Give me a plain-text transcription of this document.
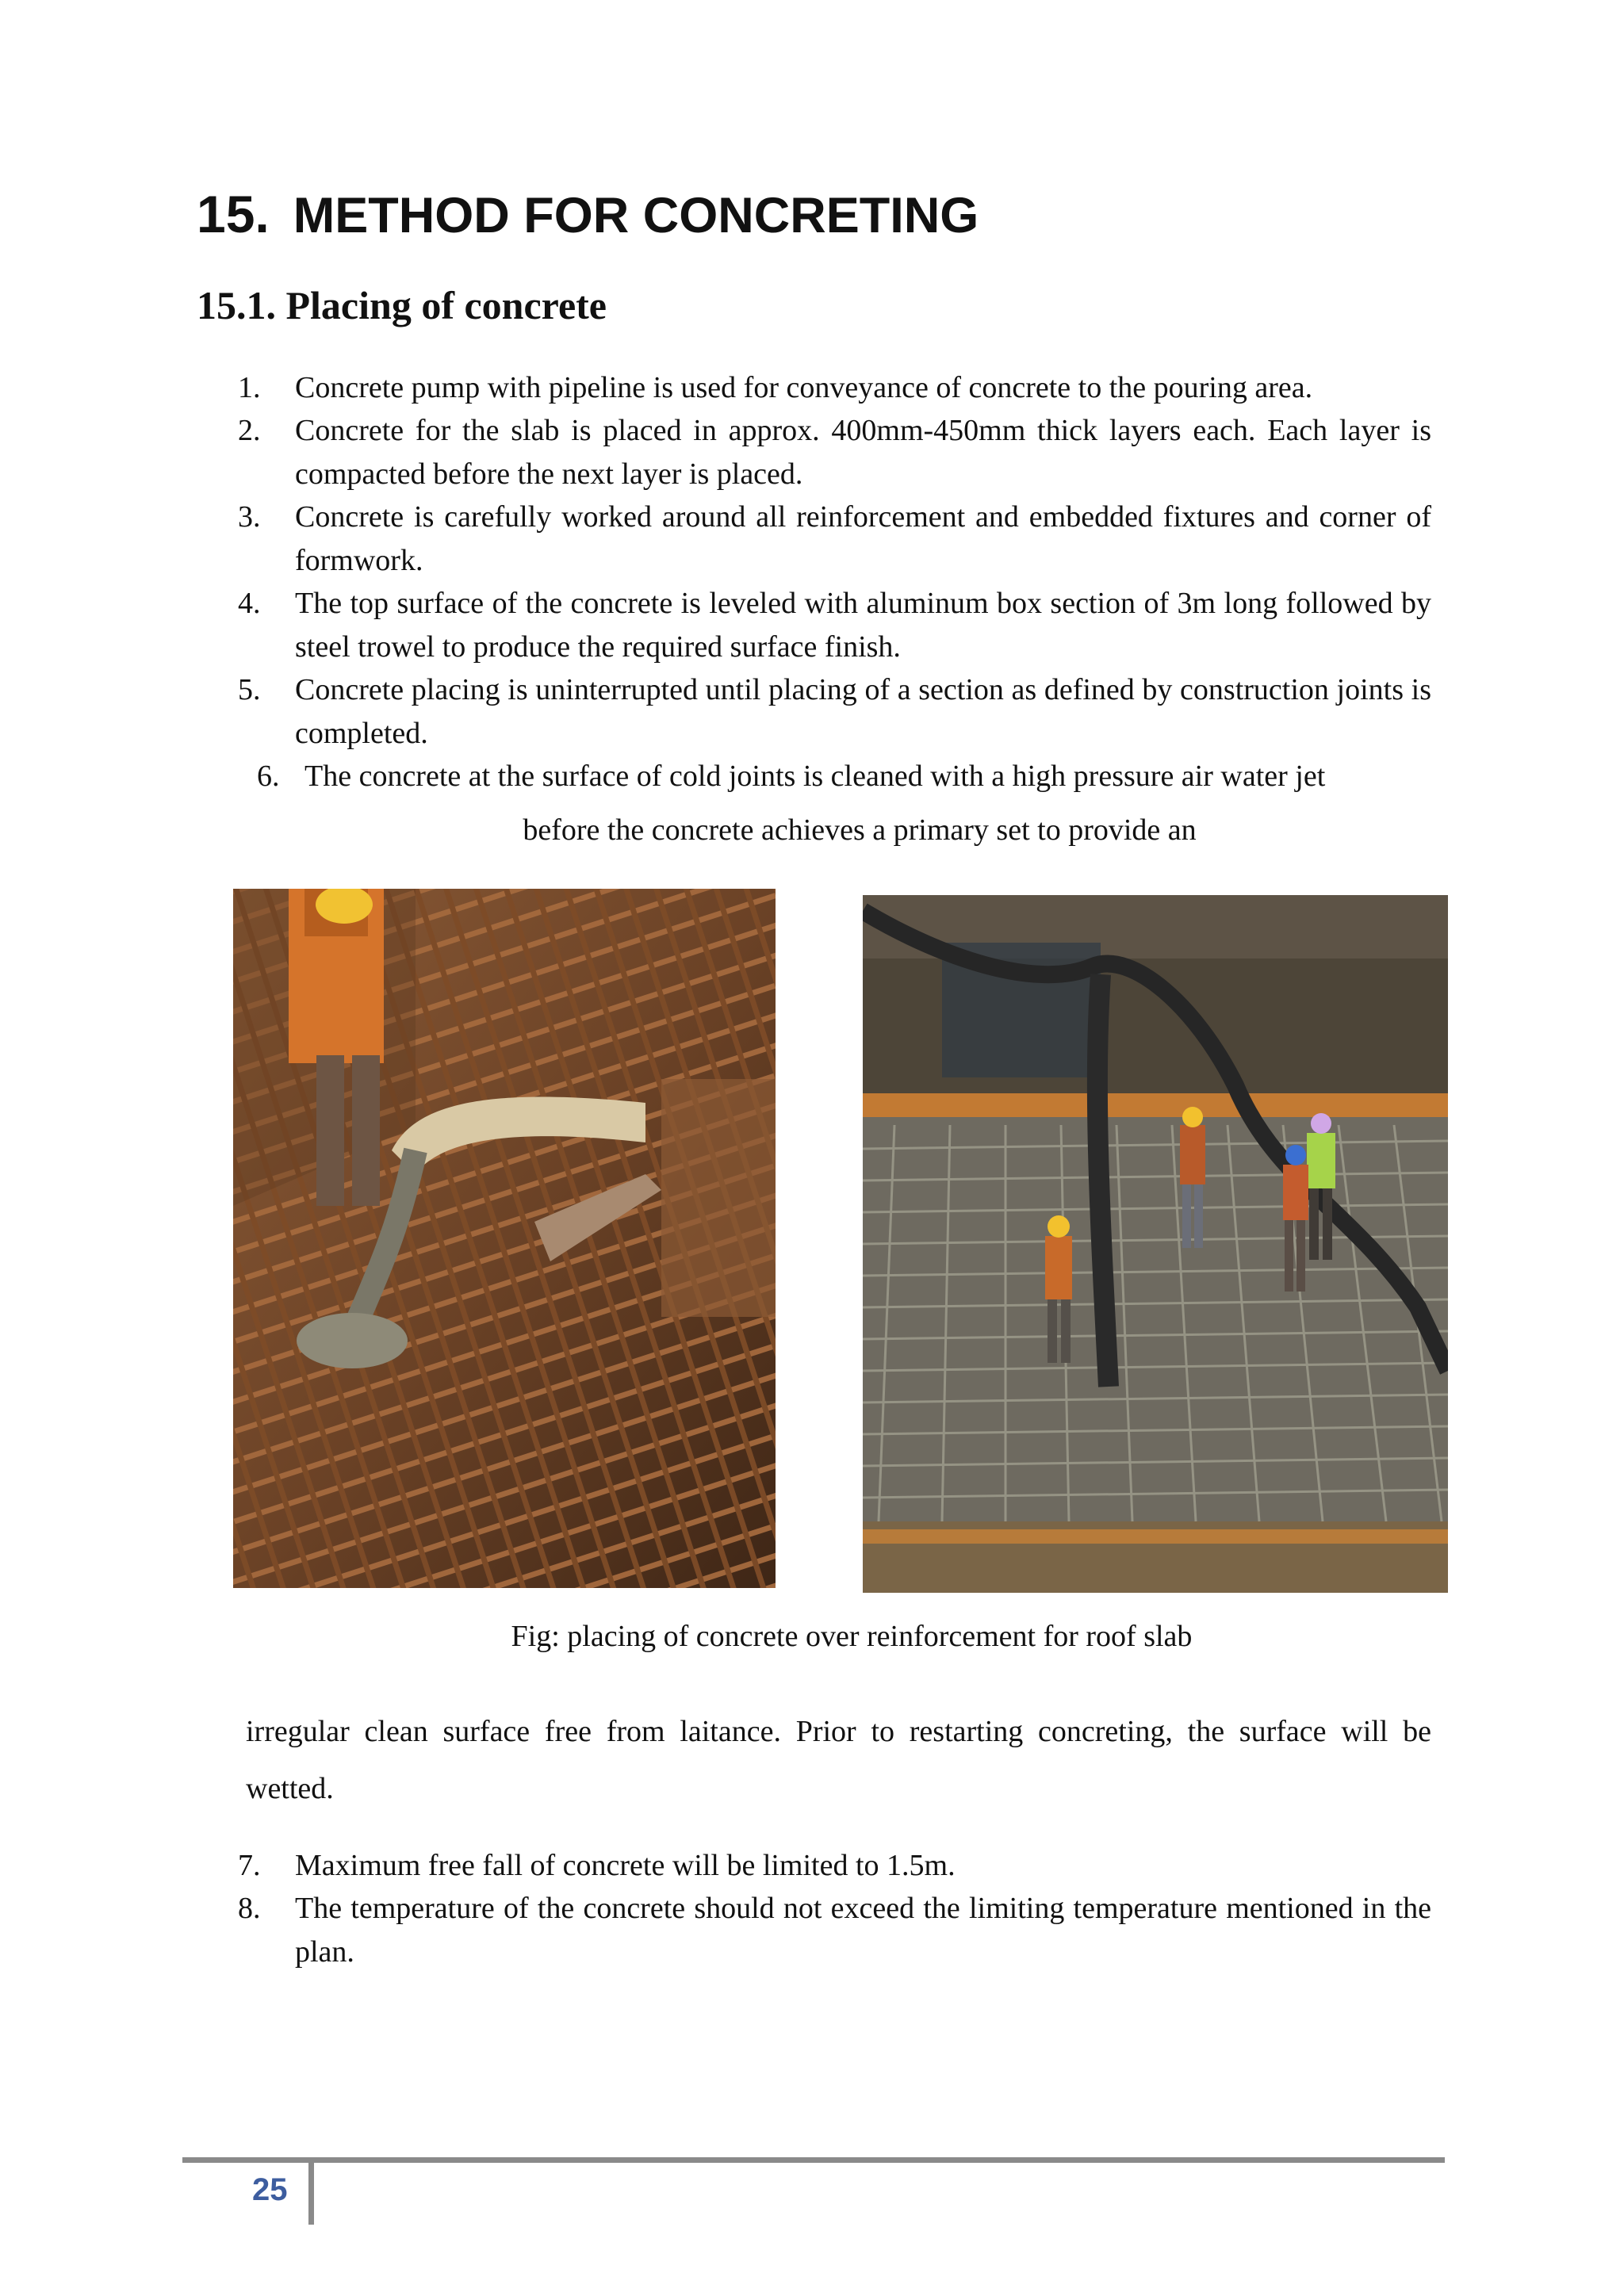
15. METHOD FOR CONCRETING
15.1. Placing of concrete
1.	Concrete pump with pipeline is used for conveyance of concrete to the pouring area.
2.	Concrete for the slab is placed in approx. 400mm-450mm thick layers each. Each layer is compacted before the next layer is placed.
3.	Concrete is carefully worked around all reinforcement and embedded fixtures and corner of formwork.
4.	The top surface of the concrete is leveled with aluminum box section of 3m long followed by steel trowel to produce the required surface finish.
5.	Concrete placing is uninterrupted until placing of a section as defined by construction joints is completed.
6. The concrete at the surface of cold joints is cleaned with a high pressure air water jet
before the concrete achieves a primary set to provide an
Fig: placing of concrete over reinforcement for roof slab
irregular clean surface free from laitance. Prior to restarting concreting, the surface will be wetted.
7.	Maximum free fall of concrete will be limited to 1.5m.
8.	The temperature of the concrete should not exceed the limiting temperature mentioned in the plan.
25
